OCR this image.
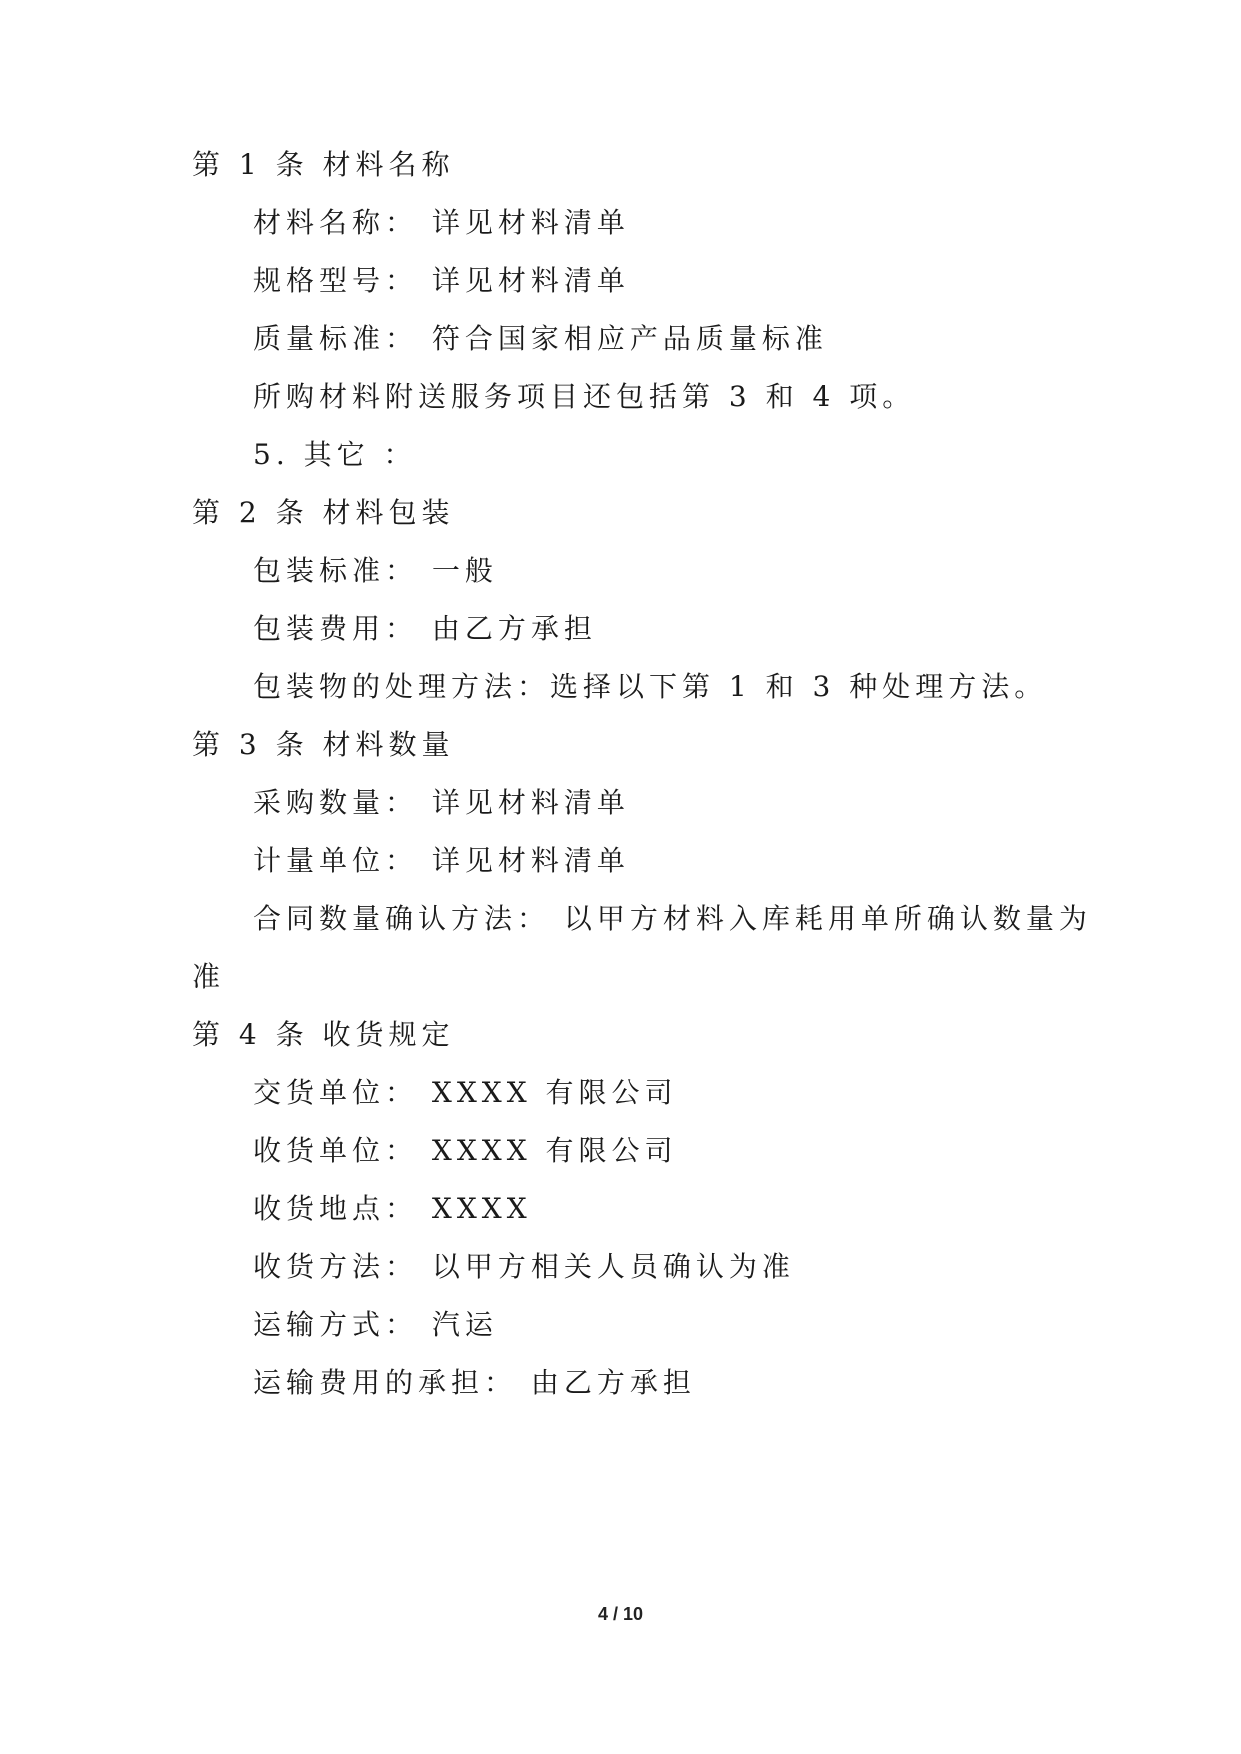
第 1 条 材料名称
材料名称： 详见材料清单
规格型号： 详见材料清单
质量标准： 符合国家相应产品质量标准
所购材料附送服务项目还包括第 3 和 4 项。
5. 其它 ：
第 2 条 材料包装
包装标准： 一般
包装费用： 由乙方承担
包装物的处理方法：选择以下第 1 和 3 种处理方法。
第 3 条 材料数量
采购数量： 详见材料清单
计量单位： 详见材料清单
合同数量确认方法： 以甲方材料入库耗用单所确认数量为
准
第 4 条 收货规定
交货单位： XXXX 有限公司
收货单位： XXXX 有限公司
收货地点： XXXX
收货方法： 以甲方相关人员确认为准
运输方式： 汽运
运输费用的承担： 由乙方承担
4 / 10
